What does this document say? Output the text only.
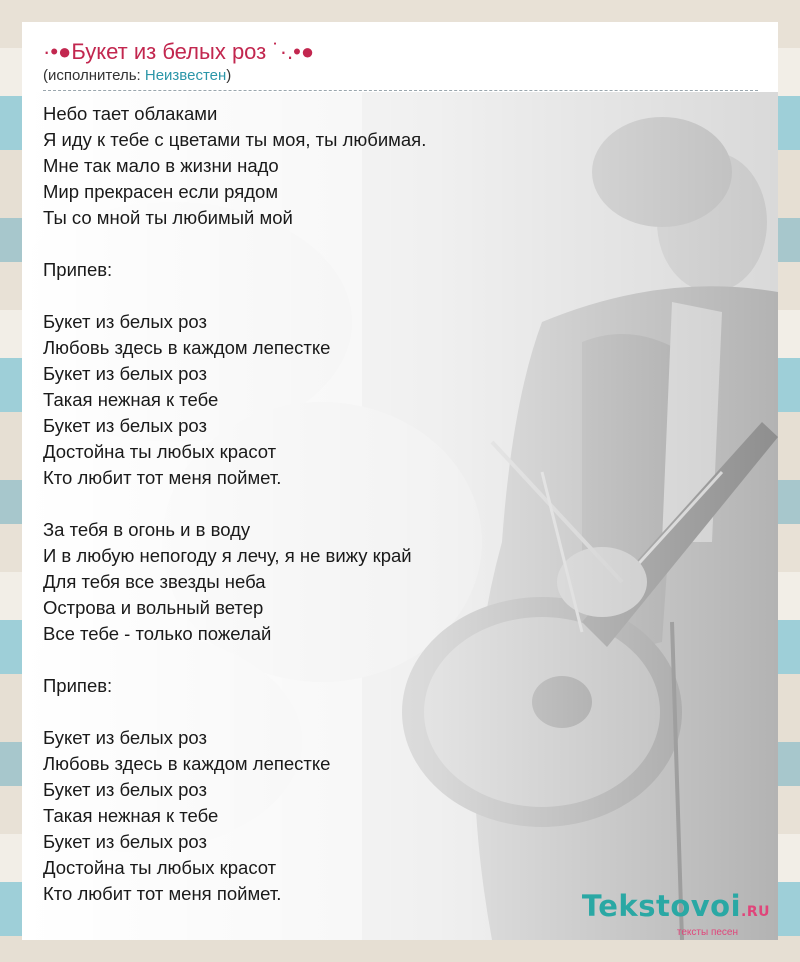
·•●Букет из белых роз ˙·.•●
(исполнитель: Неизвестен)
Небо тает облаками
Я иду к тебе с цветами ты моя, ты любимая.
Мне так мало в жизни надо
Мир прекрасен если рядом
Ты со мной ты любимый мой
Припев:
Букет из белых роз
Любовь здесь в каждом лепестке
Букет из белых роз
Такая нежная к тебе
Букет из белых роз
Достойна ты любых красот
Кто любит тот меня поймет.
За тебя в огонь и в воду
И в любую непогоду я лечу, я не вижу край
Для тебя все звезды неба
Острова и вольный ветер
Все тебе - только пожелай
Припев:
Букет из белых роз
Любовь здесь в каждом лепестке
Букет из белых роз
Такая нежная к тебе
Букет из белых роз
Достойна ты любых красот
Кто любит тот меня поймет.	Tekstovoi.RU
тексты песен
